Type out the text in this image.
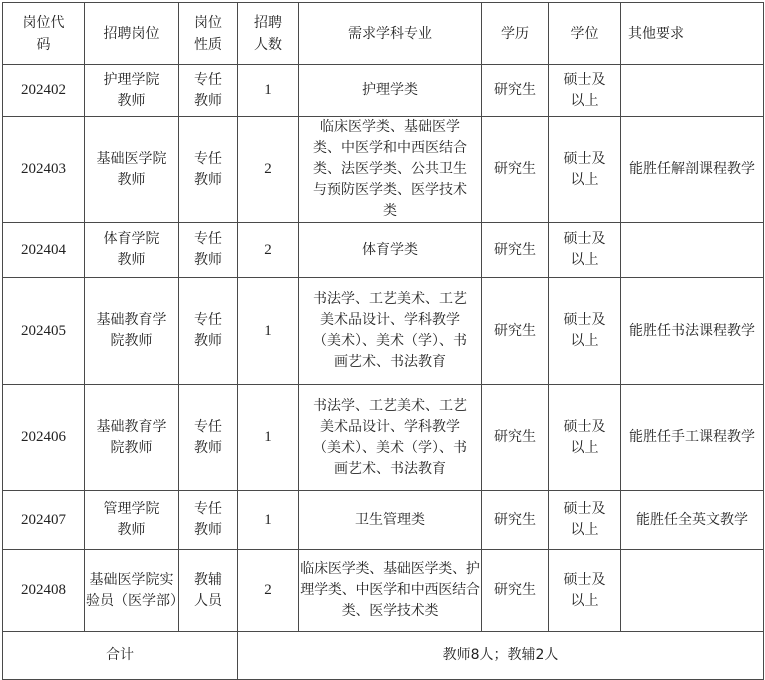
岗位代码	招聘岗位	岗位性质	招聘人数	需求学科专业	学历	学位	其他要求
202402	护理学院教师	专任教师	1	护理学类	研究生	硕士及以上	
202403	基础医学院教师	专任教师	2	临床医学类、基础医学类、中医学和中西医结合类、法医学类、公共卫生与预防医学类、医学技术类	研究生	硕士及以上	能胜任解剖课程教学
202404	体育学院教师	专任教师	2	体育学类	研究生	硕士及以上	
202405	基础教育学院教师	专任教师	1	书法学、工艺美术、工艺美术品设计、学科教学（美术）、美术（学）、书画艺术、书法教育	研究生	硕士及以上	能胜任书法课程教学
202406	基础教育学院教师	专任教师	1	书法学、工艺美术、工艺美术品设计、学科教学（美术）、美术（学）、书画艺术、书法教育	研究生	硕士及以上	能胜任手工课程教学
202407	管理学院教师	专任教师	1	卫生管理类	研究生	硕士及以上	能胜任全英文教学
202408	基础医学院实验员（医学部）	教辅人员	2	临床医学类、基础医学类、护理学类、中医学和中西医结合类、医学技术类	研究生	硕士及以上	
合计			教师8人；教辅2人				
